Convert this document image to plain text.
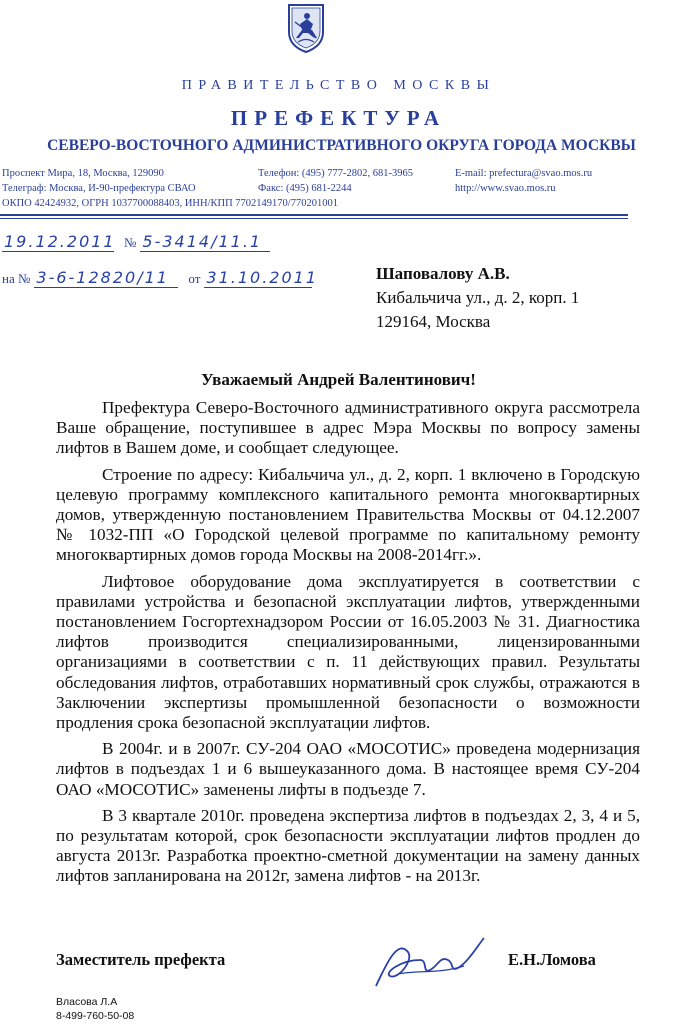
ПРАВИТЕЛЬСТВО МОСКВЫ
ПРЕФЕКТУРА
СЕВЕРО-ВОСТОЧНОГО АДМИНИСТРАТИВНОГО ОКРУГА ГОРОДА МОСКВЫ
Проспект Мира, 18, Москва, 129090
Телеграф: Москва, И-90-префектура СВАО
ОКПО 42424932, ОГРН 1037700088403, ИНН/КПП 7702149170/770201001
Телефон: (495) 777-2802, 681-3965
Факс: (495) 681-2244
E-mail: prefectura@svao.mos.ru
http://www.svao.mos.ru
19.12.2011 № 5-3414/11.1
на № 3-6-12820/11 от 31.10.2011	Шаповалову А.В.
Кибальчича ул., д. 2, корп. 1
129164, Москва
Уважаемый Андрей Валентинович!

Префектура Северо-Восточного административного округа рассмотрела Ваше обращение, поступившее в адрес Мэра Москвы по вопросу замены лифтов в Вашем доме, и сообщает следующее.

Строение по адресу: Кибальчича ул., д. 2, корп. 1 включено в Городскую целевую программу комплексного капитального ремонта многоквартирных домов, утвержденную постановлением Правительства Москвы от 04.12.2007 № 1032-ПП «О Городской целевой программе по капитальному ремонту многоквартирных домов города Москвы на 2008-2014гг.».

Лифтовое оборудование дома эксплуатируется в соответствии с правилами устройства и безопасной эксплуатации лифтов, утвержденными постановлением Госгортехнадзором России от 16.05.2003 № 31. Диагностика лифтов производится специализированными, лицензированными организациями в соответствии с п. 11 действующих правил. Результаты обследования лифтов, отработавших нормативный срок службы, отражаются в Заключении экспертизы промышленной безопасности о возможности продления срока безопасной эксплуатации лифтов.

В 2004г. и в 2007г. СУ-204 ОАО «МОСОТИС» проведена модернизация лифтов в подъездах 1 и 6 вышеуказанного дома. В настоящее время СУ-204 ОАО «МОСОТИС» заменены лифты в подъезде 7.

В 3 квартале 2010г. проведена экспертиза лифтов в подъездах 2, 3, 4 и 5, по результатам которой, срок безопасности эксплуатации лифтов продлен до августа 2013г. Разработка проектно-сметной документации на замену данных лифтов запланирована на 2012г, замена лифтов - на 2013г.

Заместитель префекта	Е.Н.Ломова
Власова Л.А
8-499-760-50-08
